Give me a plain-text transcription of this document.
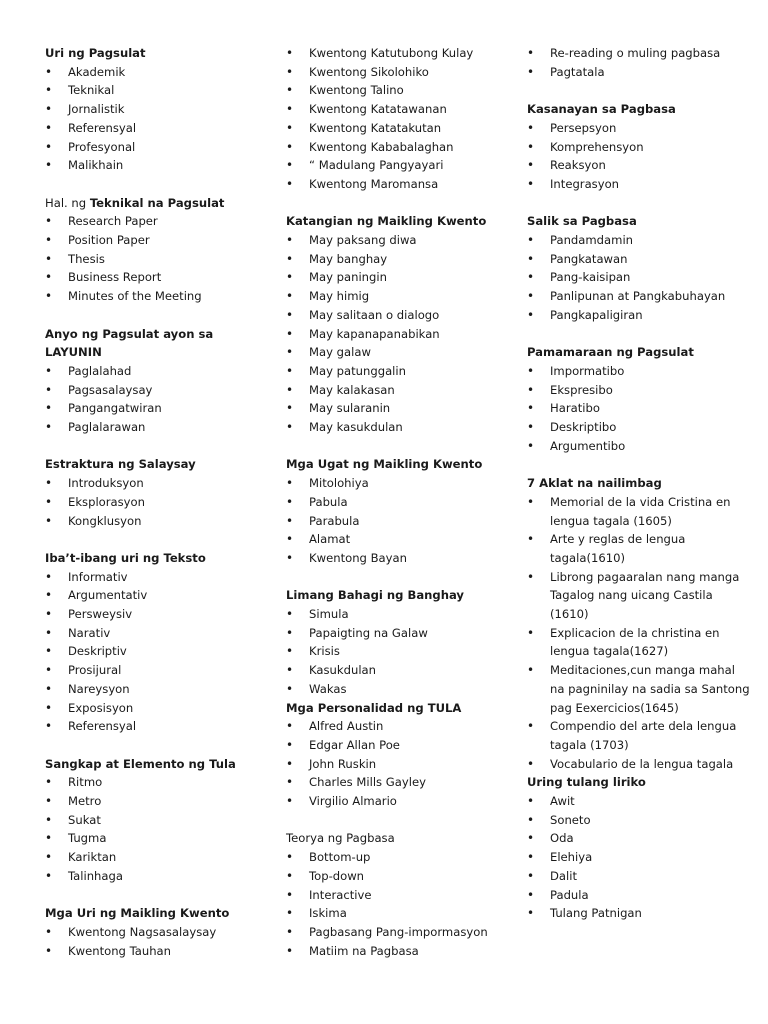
Uri ng Pagsulat
• Akademik
• Teknikal
• Jornalistik
• Referensyal
• Profesyonal
• Malikhain
Hal. ng Teknikal na Pagsulat
• Research Paper
• Position Paper
• Thesis
• Business Report
• Minutes of the Meeting
Anyo ng Pagsulat ayon sa LAYUNIN
• Paglalahad
• Pagsasalaysay
• Pangangatwiran
• Paglalarawan
Estraktura ng Salaysay
• Introduksyon
• Eksplorasyon
• Kongklusyon
Iba’t-ibang uri ng Teksto
• Informativ
• Argumentativ
• Persweysiv
• Narativ
• Deskriptiv
• Prosijural
• Nareysyon
• Exposisyon
• Referensyal
Sangkap at Elemento ng Tula
• Ritmo
• Metro
• Sukat
• Tugma
• Kariktan
• Talinhaga
Mga Uri ng Maikling Kwento
• Kwentong Nagsasalaysay
• Kwentong Tauhan
• Kwentong Katutubong Kulay
• Kwentong Sikolohiko
• Kwentong Talino
• Kwentong Katatawanan
• Kwentong Katatakutan
• Kwentong Kababalaghan
• “ Madulang Pangyayari
• Kwentong Maromansa
Katangian ng Maikling Kwento
• May paksang diwa
• May banghay
• May paningin
• May himig
• May salitaan o dialogo
• May kapanapanabikan
• May galaw
• May patunggalin
• May kalakasan
• May sularanin
• May kasukdulan
Mga Ugat ng Maikling Kwento
• Mitolohiya
• Pabula
• Parabula
• Alamat
• Kwentong Bayan
Limang Bahagi ng Banghay
• Simula
• Papaigting na Galaw
• Krisis
• Kasukdulan
• Wakas
Mga Personalidad ng TULA
• Alfred Austin
• Edgar Allan Poe
• John Ruskin
• Charles Mills Gayley
• Virgilio Almario
Teorya ng Pagbasa
• Bottom-up
• Top-down
• Interactive
• Iskima
• Pagbasang Pang-impormasyon
• Matiim na Pagbasa
• Re-reading o muling pagbasa
• Pagtatala
Kasanayan sa Pagbasa
• Persepsyon
• Komprehensyon
• Reaksyon
• Integrasyon
Salik sa Pagbasa
• Pandamdamin
• Pangkatawan
• Pang-kaisipan
• Panlipunan at Pangkabuhayan
• Pangkapaligiran
Pamamaraan ng Pagsulat
• Impormatibo
• Ekspresibo
• Haratibo
• Deskriptibo
• Argumentibo
7 Aklat na nailimbag
• Memorial de la vida Cristina en lengua tagala (1605)
• Arte y reglas de lengua tagala(1610)
• Librong pagaaralan nang manga Tagalog nang uicang Castila (1610)
• Explicacion de la christina en lengua tagala(1627)
• Meditaciones,cun manga mahal na pagninilay na sadia sa Santong pag Eexercicios(1645)
• Compendio del arte dela lengua tagala (1703)
• Vocabulario de la lengua tagala
Uring tulang liriko
• Awit
• Soneto
• Oda
• Elehiya
• Dalit
• Padula
• Tulang Patnigan
